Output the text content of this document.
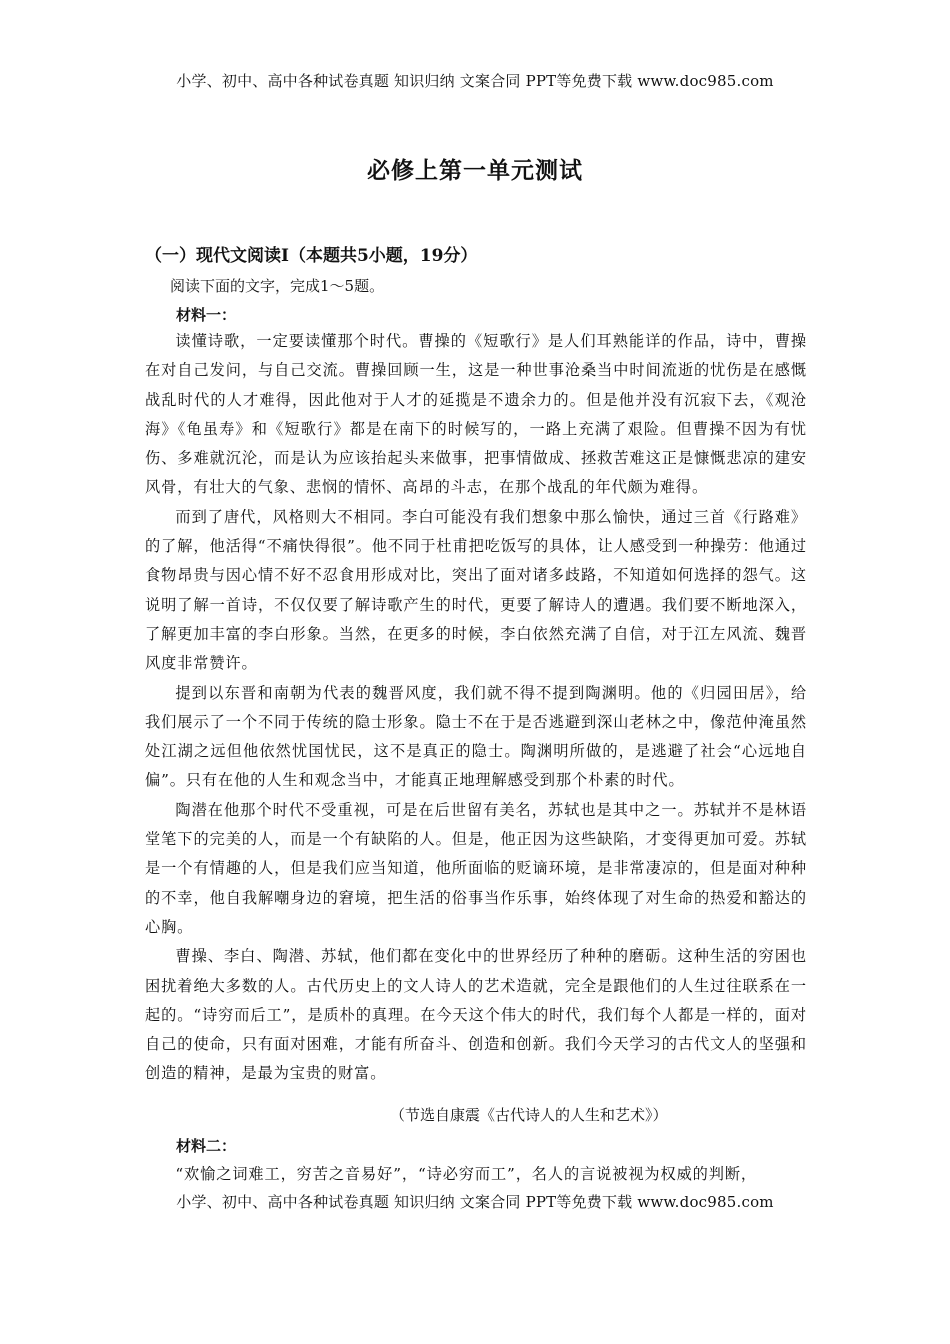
小学、初中、高中各种试卷真题 知识归纳 文案合同 PPT等免费下载 www.doc985.com
必修上第一单元测试
（一）现代文阅读Ⅰ（本题共5小题，19分）
阅读下面的文字，完成1～5题。
材料一：

读懂诗歌，一定要读懂那个时代。曹操的《短歌行》是人们耳熟能详的作品，诗中，曹操在对自己发问，与自己交流。曹操回顾一生，这是一种世事沧桑当中时间流逝的忧伤是在感慨战乱时代的人才难得，因此他对于人才的延揽是不遗余力的。但是他并没有沉寂下去，《观沧海》《龟虽寿》和《短歌行》都是在南下的时候写的，一路上充满了艰险。但曹操不因为有忧伤、多难就沉沦，而是认为应该抬起头来做事，把事情做成、拯救苦难这正是慷慨悲凉的建安风骨，有壮大的气象、悲悯的情怀、高昂的斗志，在那个战乱的年代颇为难得。

而到了唐代，风格则大不相同。李白可能没有我们想象中那么愉快，通过三首《行路难》的了解，他活得“不痛快得很”。他不同于杜甫把吃饭写的具体，让人感受到一种操劳：他通过食物昂贵与因心情不好不忍食用形成对比，突出了面对诸多歧路，不知道如何选择的怨气。这说明了解一首诗，不仅仅要了解诗歌产生的时代，更要了解诗人的遭遇。我们要不断地深入，了解更加丰富的李白形象。当然，在更多的时候，李白依然充满了自信，对于江左风流、魏晋风度非常赞许。

提到以东晋和南朝为代表的魏晋风度，我们就不得不提到陶渊明。他的《归园田居》，给我们展示了一个不同于传统的隐士形象。隐士不在于是否逃避到深山老林之中，像范仲淹虽然处江湖之远但他依然忧国忧民，这不是真正的隐士。陶渊明所做的，是逃避了社会“心远地自偏”。只有在他的人生和观念当中，才能真正地理解感受到那个朴素的时代。

陶潜在他那个时代不受重视，可是在后世留有美名，苏轼也是其中之一。苏轼并不是林语堂笔下的完美的人，而是一个有缺陷的人。但是，他正因为这些缺陷，才变得更加可爱。苏轼是一个有情趣的人，但是我们应当知道，他所面临的贬谪环境，是非常凄凉的，但是面对种种的不幸，他自我解嘲身边的窘境，把生活的俗事当作乐事，始终体现了对生命的热爱和豁达的心胸。

曹操、李白、陶潜、苏轼，他们都在变化中的世界经历了种种的磨砺。这种生活的穷困也困扰着绝大多数的人。古代历史上的文人诗人的艺术造就，完全是跟他们的人生过往联系在一起的。“诗穷而后工”，是质朴的真理。在今天这个伟大的时代，我们每个人都是一样的，面对自己的使命，只有面对困难，才能有所奋斗、创造和创新。我们今天学习的古代文人的坚强和创造的精神，是最为宝贵的财富。

（节选自康震《古代诗人的人生和艺术》）
材料二：
“欢愉之词难工，穷苦之音易好”，“诗必穷而工”，名人的言说被视为权威的判断，
小学、初中、高中各种试卷真题 知识归纳 文案合同 PPT等免费下载 www.doc985.com
